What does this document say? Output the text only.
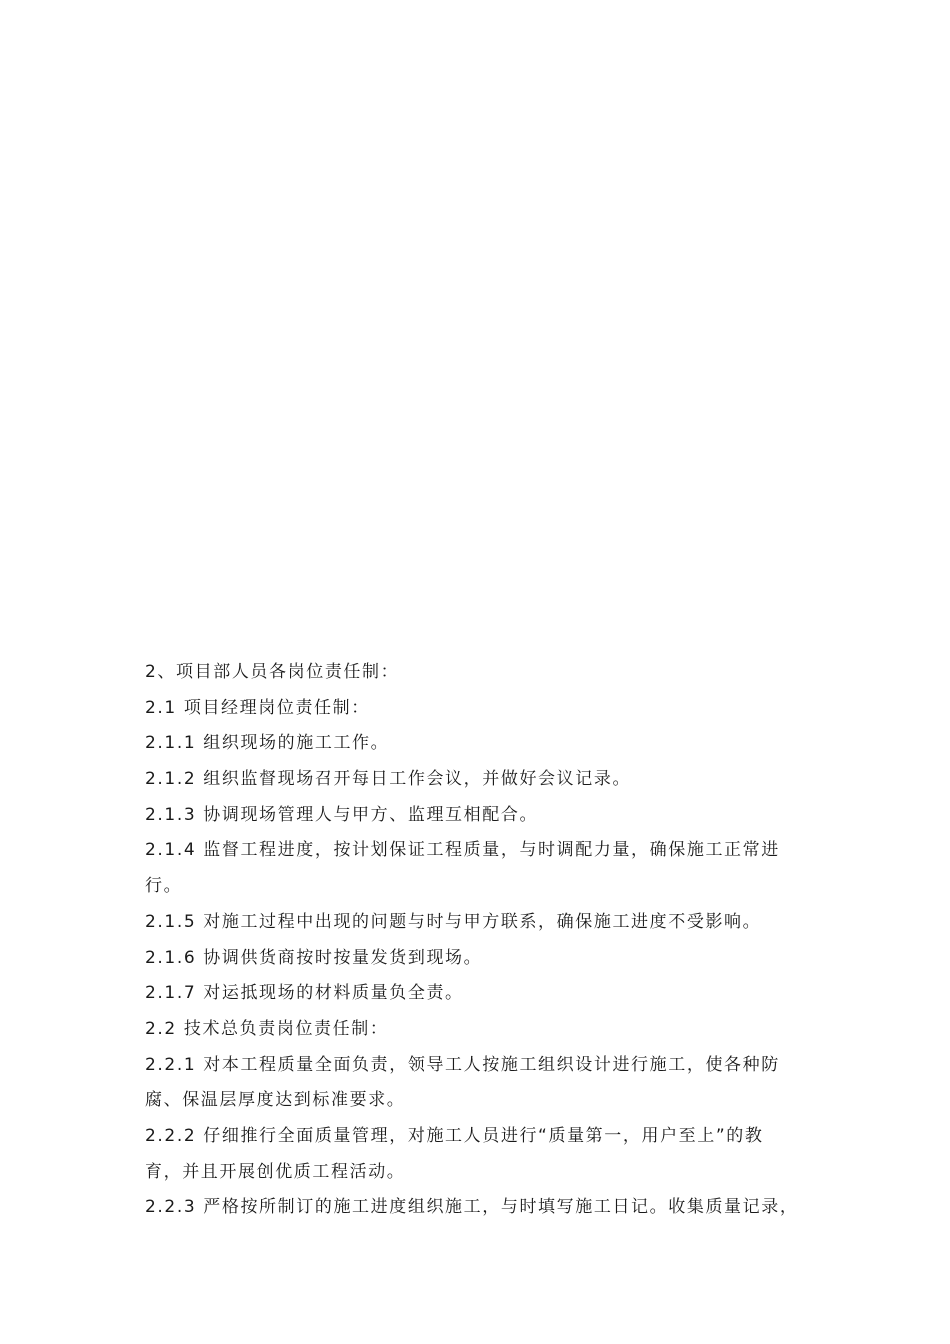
2、项目部人员各岗位责任制：
2.1 项目经理岗位责任制：
2.1.1 组织现场的施工工作。
2.1.2 组织监督现场召开每日工作会议，并做好会议记录。
2.1.3 协调现场管理人与甲方、监理互相配合。
2.1.4 监督工程进度，按计划保证工程质量，与时调配力量，确保施工正常进
行。
2.1.5 对施工过程中出现的问题与时与甲方联系，确保施工进度不受影响。
2.1.6 协调供货商按时按量发货到现场。
2.1.7 对运抵现场的材料质量负全责。
2.2 技术总负责岗位责任制：
2.2.1 对本工程质量全面负责，领导工人按施工组织设计进行施工，使各种防
腐、保温层厚度达到标准要求。
2.2.2 仔细推行全面质量管理，对施工人员进行“质量第一，用户至上”的教
育，并且开展创优质工程活动。
2.2.3 严格按所制订的施工进度组织施工，与时填写施工日记。收集质量记录，
